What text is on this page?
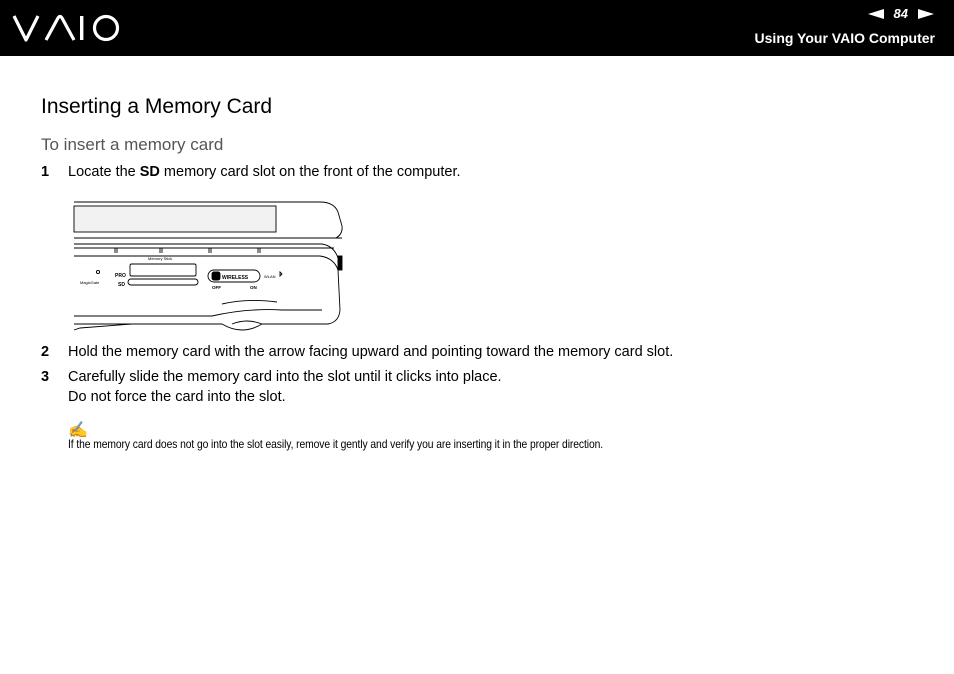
84
Using Your VAIO Computer
Inserting a Memory Card
To insert a memory card
1 Locate the SD memory card slot on the front of the computer.
Memory Stick
PRO
SD
MagicGate
WIRELESS	WLAN
OFF	ON
2 Hold the memory card with the arrow facing upward and pointing toward the memory card slot.
3 Carefully slide the memory card into the slot until it clicks into place.
Do not force the card into the slot.
✍
If the memory card does not go into the slot easily, remove it gently and verify you are inserting it in the proper direction.
